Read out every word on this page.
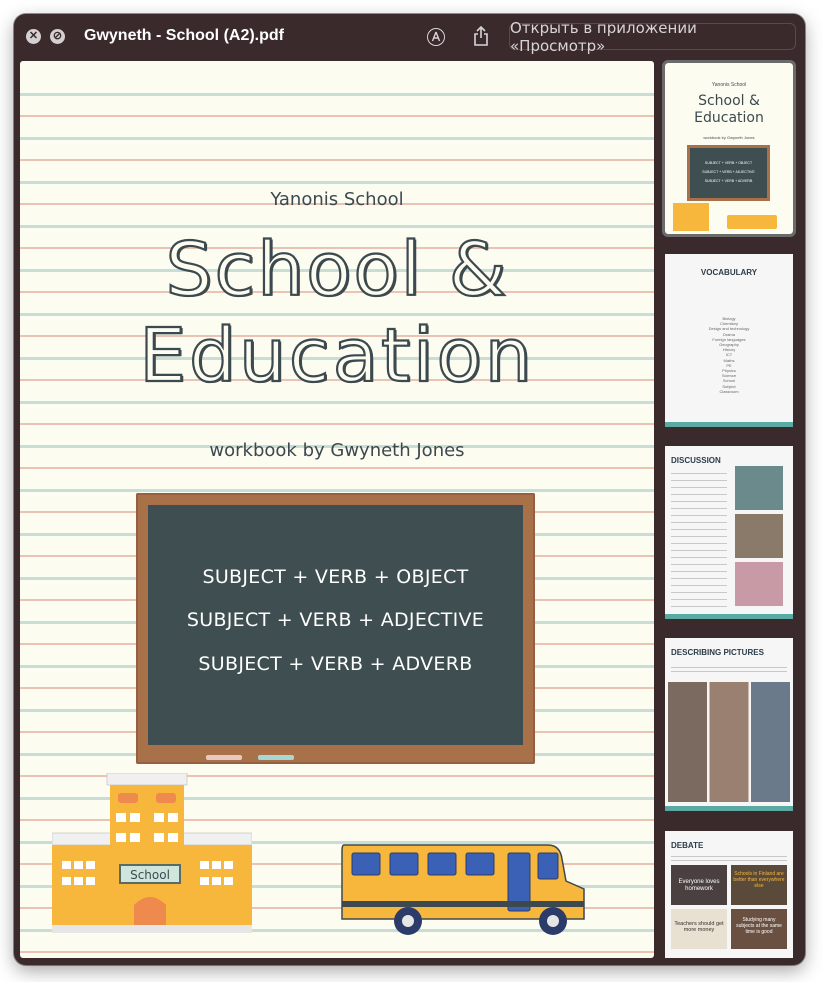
✕ ⊘ Gwyneth - School (A2).pdf	Открыть в приложении «Просмотр»
Yanonis School
School &
Education
workbook by Gwyneth Jones
SUBJECT + VERB + OBJECT
SUBJECT + VERB + ADJECTIVE
SUBJECT + VERB + ADVERB
School
Yanonis School
School &
Education
workbook by Gwyneth Jones
SUBJECT + VERB + OBJECT
SUBJECT + VERB + ADJECTIVE
SUBJECT + VERB + ADVERB
VOCABULARY
Biology
Chemistry
Design and technology
Drama
Foreign languages
Geography
History
ICT
Maths
PE
Physics
Science
School
Subject
Classroom
DISCUSSION
DESCRIBING PICTURES
DEBATE
Everyone loves homework
Schools in Finland are better than everywhere else
Teachers should get more money
Studying many subjects at the same time is good
